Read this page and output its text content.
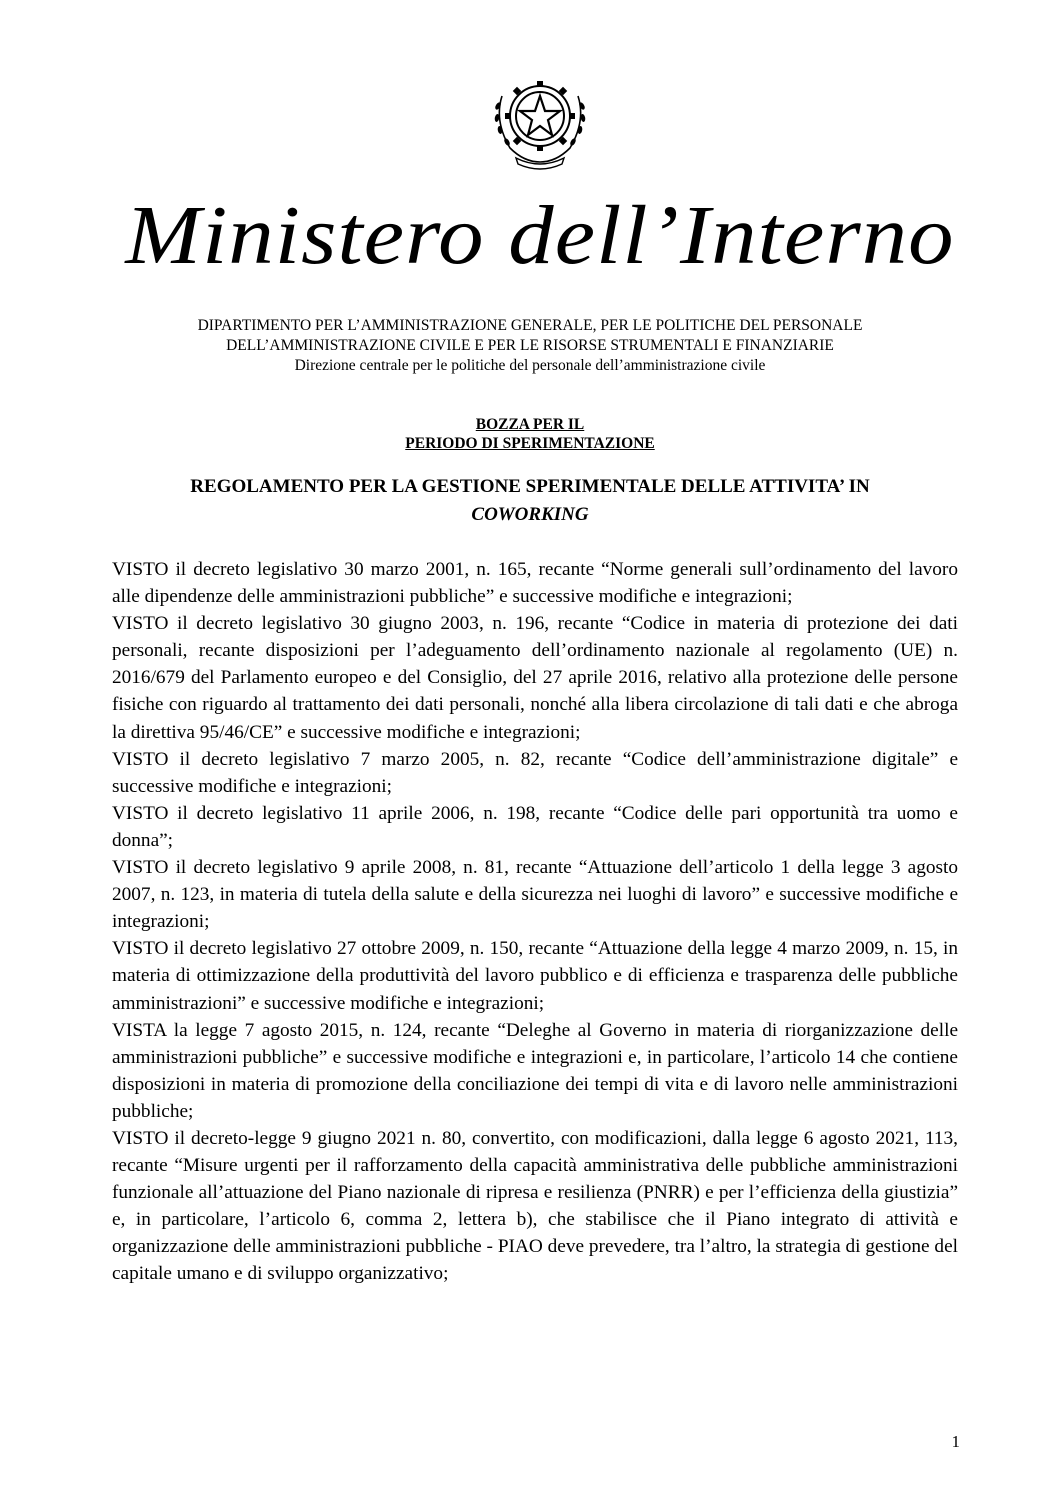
Ministero dell’Interno
DIPARTIMENTO PER L’AMMINISTRAZIONE GENERALE, PER LE POLITICHE DEL PERSONALE
DELL’AMMINISTRAZIONE CIVILE E PER LE RISORSE STRUMENTALI E FINANZIARIE
Direzione centrale per le politiche del personale dell’amministrazione civile
BOZZA PER IL
PERIODO DI SPERIMENTAZIONE
REGOLAMENTO PER LA GESTIONE SPERIMENTALE DELLE ATTIVITA’ IN
COWORKING

VISTO il decreto legislativo 30 marzo 2001, n. 165, recante “Norme generali sull’ordinamento del lavoro alle dipendenze delle amministrazioni pubbliche” e successive modifiche e integrazioni;

VISTO il decreto legislativo 30 giugno 2003, n. 196, recante “Codice in materia di protezione dei dati personali, recante disposizioni per l’adeguamento dell’ordinamento nazionale al regolamento (UE) n. 2016/679 del Parlamento europeo e del Consiglio, del 27 aprile 2016, relativo alla protezione delle persone fisiche con riguardo al trattamento dei dati personali, nonché alla libera circolazione di tali dati e che abroga la direttiva 95/46/CE” e successive modifiche e integrazioni;

VISTO il decreto legislativo 7 marzo 2005, n. 82, recante “Codice dell’amministrazione digitale” e successive modifiche e integrazioni;

VISTO il decreto legislativo 11 aprile 2006, n. 198, recante “Codice delle pari opportunità tra uomo e donna”;

VISTO il decreto legislativo 9 aprile 2008, n. 81, recante “Attuazione dell’articolo 1 della legge 3 agosto 2007, n. 123, in materia di tutela della salute e della sicurezza nei luoghi di lavoro” e successive modifiche e integrazioni;

VISTO il decreto legislativo 27 ottobre 2009, n. 150, recante “Attuazione della legge 4 marzo 2009, n. 15, in materia di ottimizzazione della produttività del lavoro pubblico e di efficienza e trasparenza delle pubbliche amministrazioni” e successive modifiche e integrazioni;

VISTA la legge 7 agosto 2015, n. 124, recante “Deleghe al Governo in materia di riorganizzazione delle amministrazioni pubbliche” e successive modifiche e integrazioni e, in particolare, l’articolo 14 che contiene disposizioni in materia di promozione della conciliazione dei tempi di vita e di lavoro nelle amministrazioni pubbliche;

VISTO il decreto-legge 9 giugno 2021 n. 80, convertito, con modificazioni, dalla legge 6 agosto 2021, 113, recante “Misure urgenti per il rafforzamento della capacità amministrativa delle pubbliche amministrazioni funzionale all’attuazione del Piano nazionale di ripresa e resilienza (PNRR) e per l’efficienza della giustizia” e, in particolare, l’articolo 6, comma 2, lettera b), che stabilisce che il Piano integrato di attività e organizzazione delle amministrazioni pubbliche - PIAO deve prevedere, tra l’altro, la strategia di gestione del capitale umano e di sviluppo organizzativo;

1
